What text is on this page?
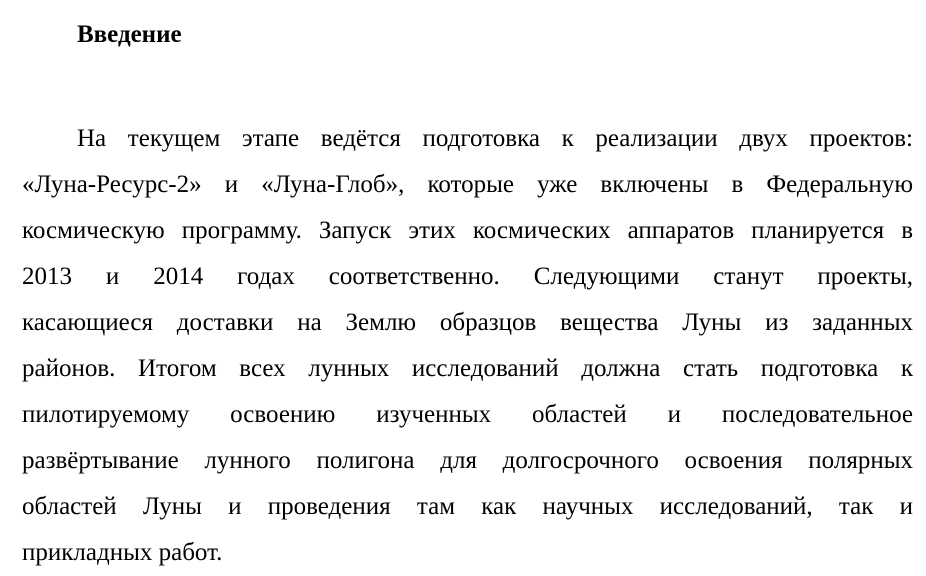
Введение
На текущем этапе ведётся подготовка к реализации двух проектов:
«Луна-Ресурс-2» и «Луна-Глоб», которые уже включены в Федеральную
космическую программу. Запуск этих космических аппаратов планируется в
2013 и 2014 годах соответственно. Следующими станут проекты,
касающиеся доставки на Землю образцов вещества Луны из заданных
районов. Итогом всех лунных исследований должна стать подготовка к
пилотируемому освоению изученных областей и последовательное
развёртывание лунного полигона для долгосрочного освоения полярных
областей Луны и проведения там как научных исследований, так и
прикладных работ.
